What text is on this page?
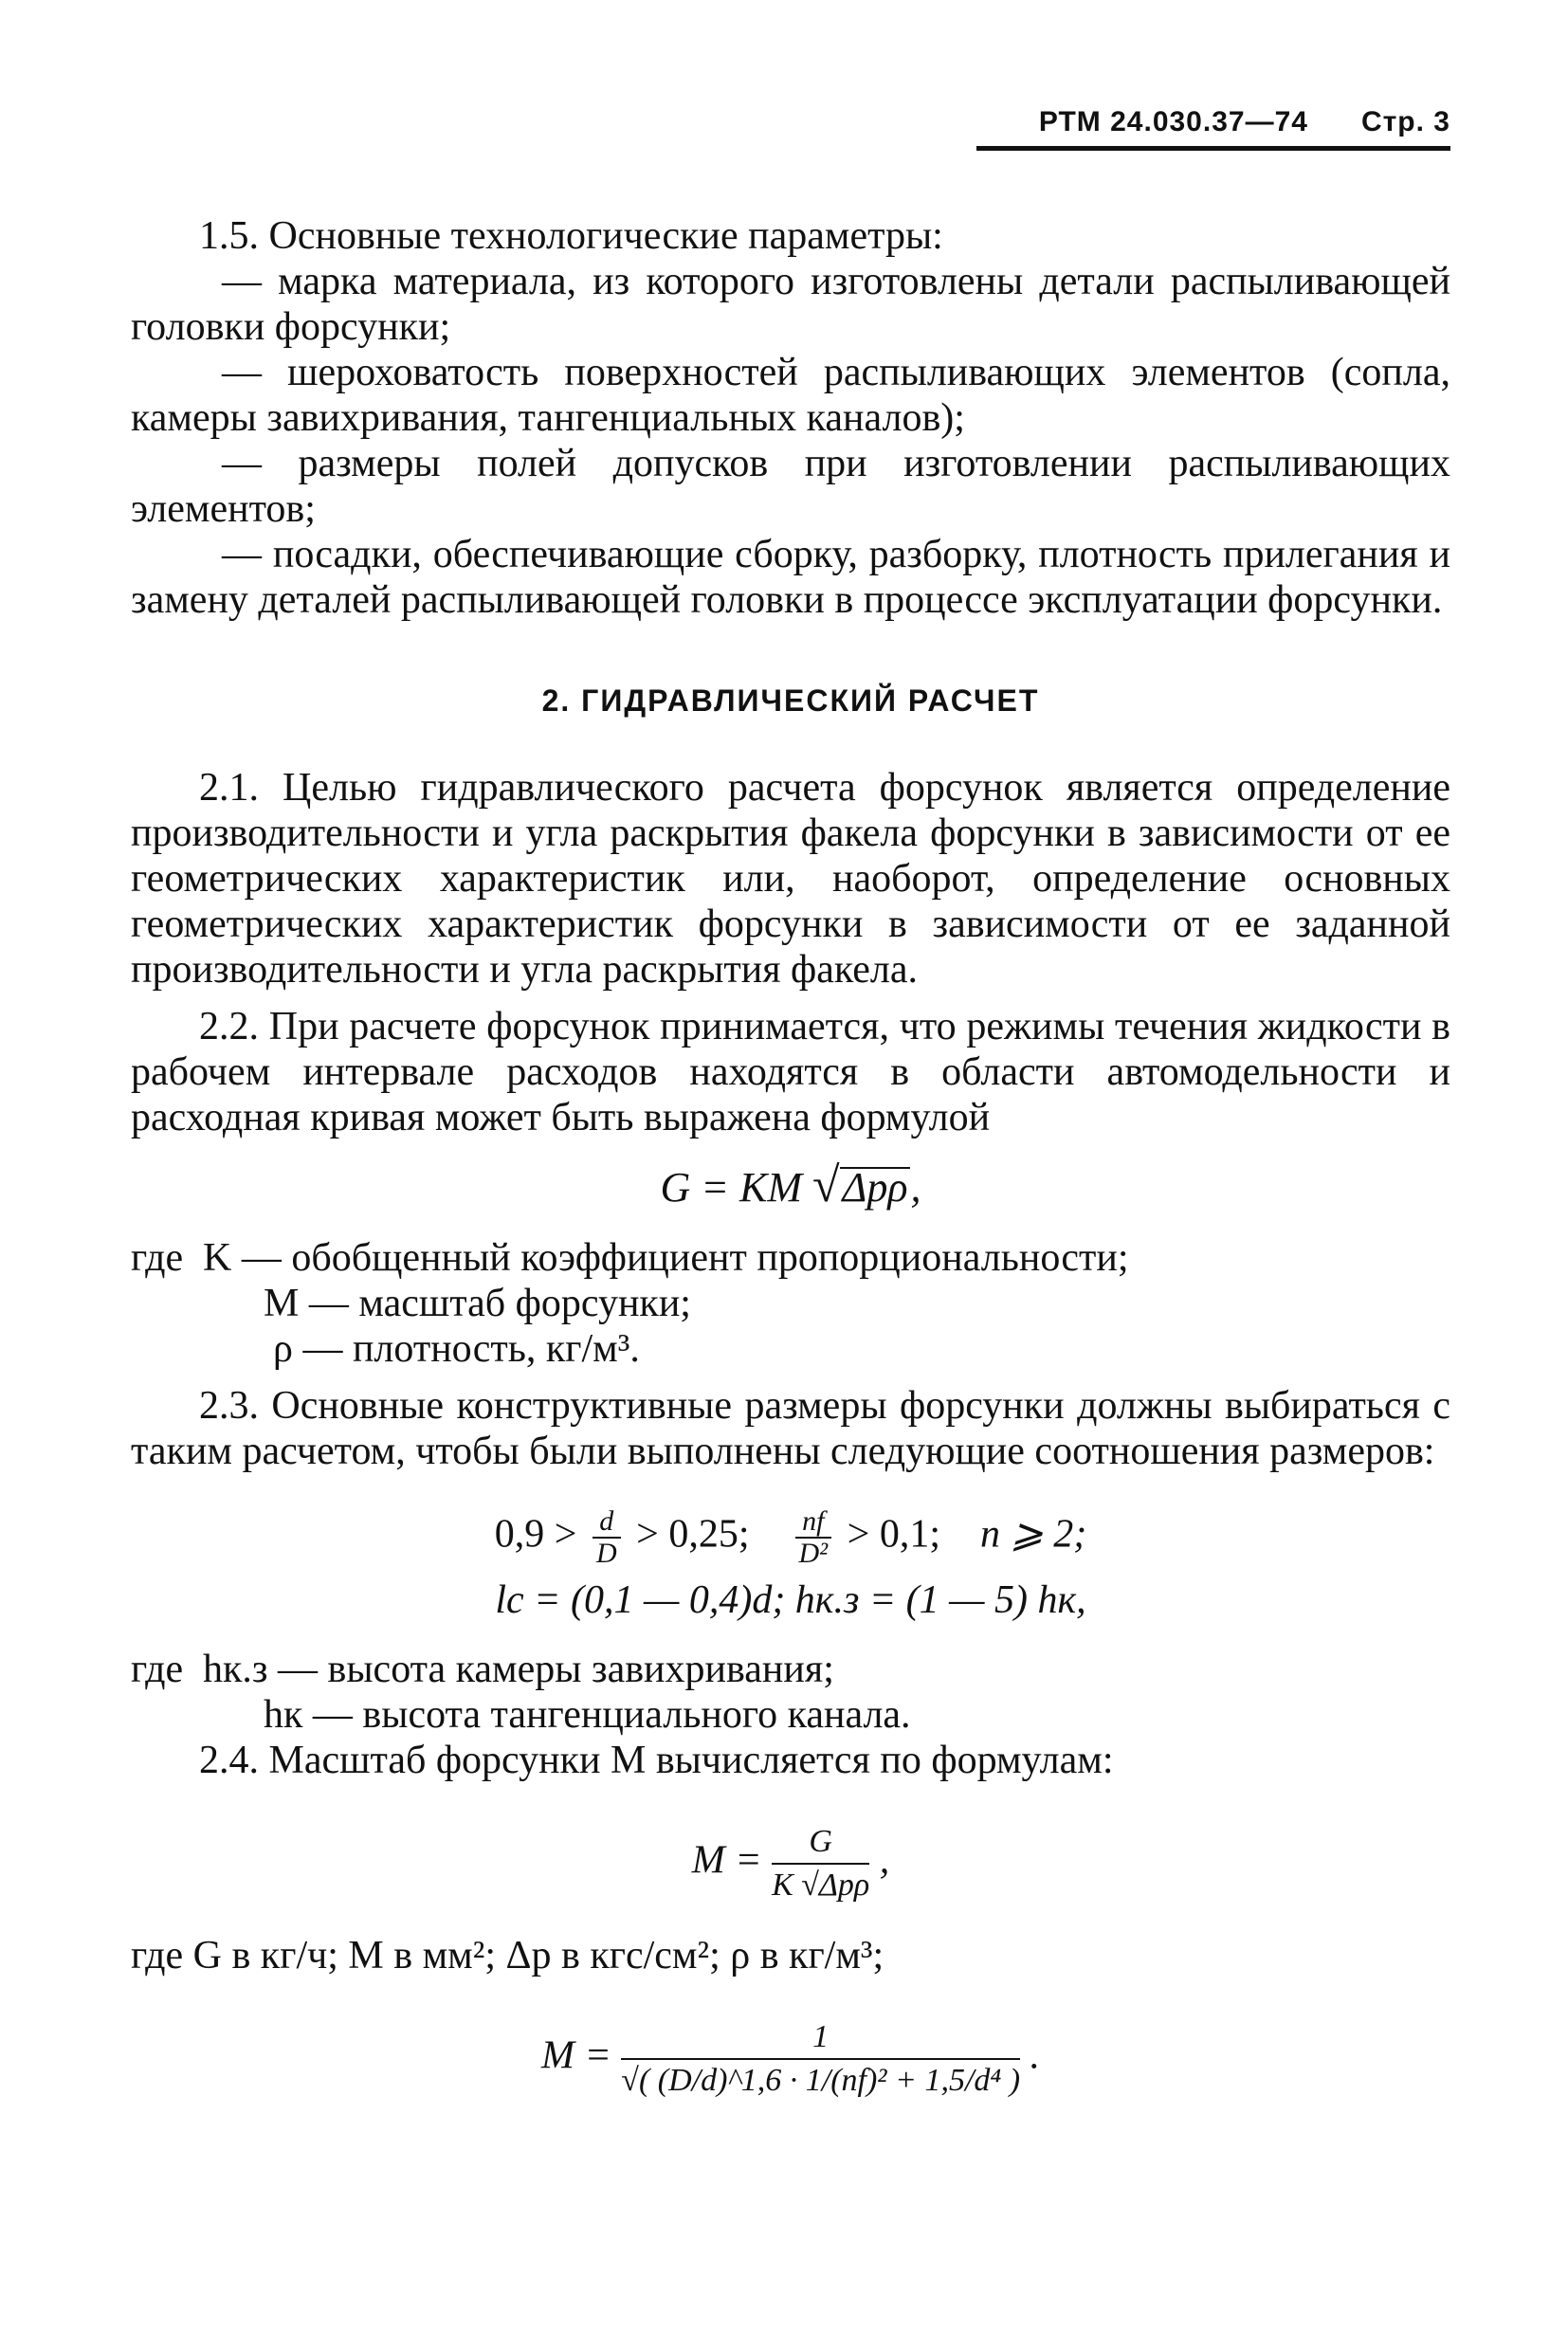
РТМ 24.030.37—74 Стр. 3

1.5. Основные технологические параметры:

— марка материала, из которого изготовлены детали распыливающей головки форсунки;

— шероховатость поверхностей распыливающих элементов (сопла, камеры завихривания, тангенциальных каналов);

— размеры полей допусков при изготовлении распыливающих элементов;

— посадки, обеспечивающие сборку, разборку, плотность прилегания и замену деталей распыливающей головки в процессе эксплуатации форсунки.

2. ГИДРАВЛИЧЕСКИЙ РАСЧЕТ

2.1. Целью гидравлического расчета форсунок является определение производительности и угла раскрытия факела форсунки в зависимости от ее геометрических характеристик или, наоборот, определение основных геометрических характеристик форсунки в зависимости от ее заданной производительности и угла раскрытия факела.

2.2. При расчете форсунок принимается, что режимы течения жидкости в рабочем интервале расходов находятся в области автомодельности и расходная кривая может быть выражена формулой

G = KM √Δpρ,

где K — обобщенный коэффициент пропорциональности;

M — масштаб форсунки;

ρ — плотность, кг/м³.

2.3. Основные конструктивные размеры форсунки должны выбираться с таким расчетом, чтобы были выполнены следующие соотношения размеров:

$0,9 > \frac{d}{D} > 0,25$; $\frac{nf}{\text{D²}} > 0,1$; n ⩾ 2;
lс = (0,1 — 0,4)d; hк.з = (1 — 5) hк,

где hк.з — высота камеры завихривания;

hк — высота тангенциального канала.

2.4. Масштаб форсунки M вычисляется по формулам:

$M = \frac{G}{\text{K √Δpρ}}$ ,

где G в кг/ч; M в мм²; Δp в кгс/см²; ρ в кг/м³;

$M = \frac{1}{\text{√( (D/d)\textasciicircum{}1,6 · 1/(nf)² + 1,5/d⁴ )}}$ .
